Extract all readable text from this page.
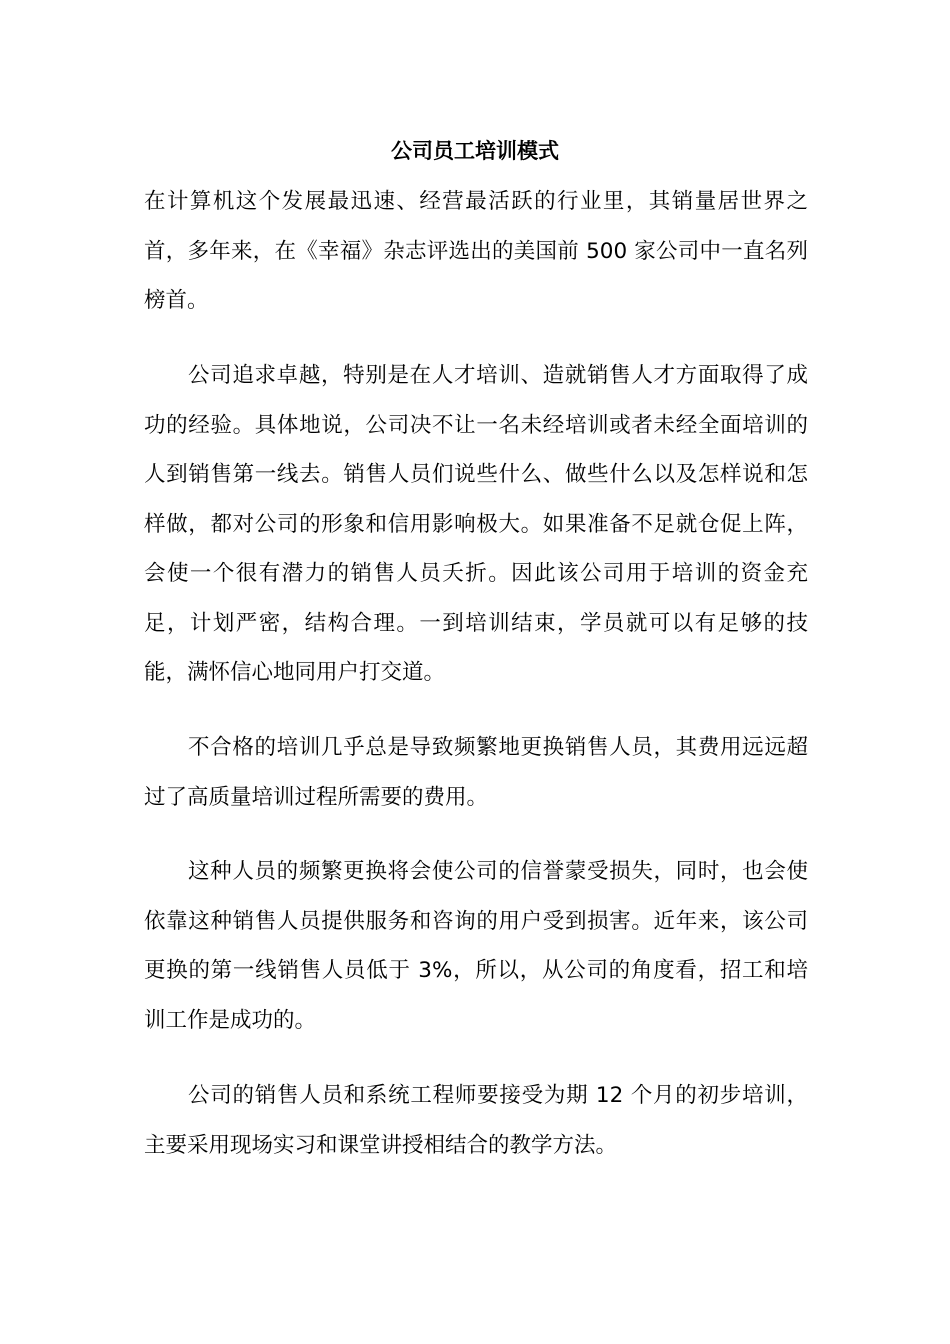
公司员工培训模式

在计算机这个发展最迅速、经营最活跃的行业里，其销量居世界之首，多年来，在《幸福》杂志评选出的美国前 500 家公司中一直名列榜首。

公司追求卓越，特别是在人才培训、造就销售人才方面取得了成功的经验。具体地说，公司决不让一名未经培训或者未经全面培训的人到销售第一线去。销售人员们说些什么、做些什么以及怎样说和怎样做，都对公司的形象和信用影响极大。如果准备不足就仓促上阵，会使一个很有潜力的销售人员夭折。因此该公司用于培训的资金充足，计划严密，结构合理。一到培训结束，学员就可以有足够的技能，满怀信心地同用户打交道。

不合格的培训几乎总是导致频繁地更换销售人员，其费用远远超过了高质量培训过程所需要的费用。

这种人员的频繁更换将会使公司的信誉蒙受损失，同时，也会使依靠这种销售人员提供服务和咨询的用户受到损害。近年来，该公司更换的第一线销售人员低于 3%，所以，从公司的角度看，招工和培训工作是成功的。

公司的销售人员和系统工程师要接受为期 12 个月的初步培训，主要采用现场实习和课堂讲授相结合的教学方法。
